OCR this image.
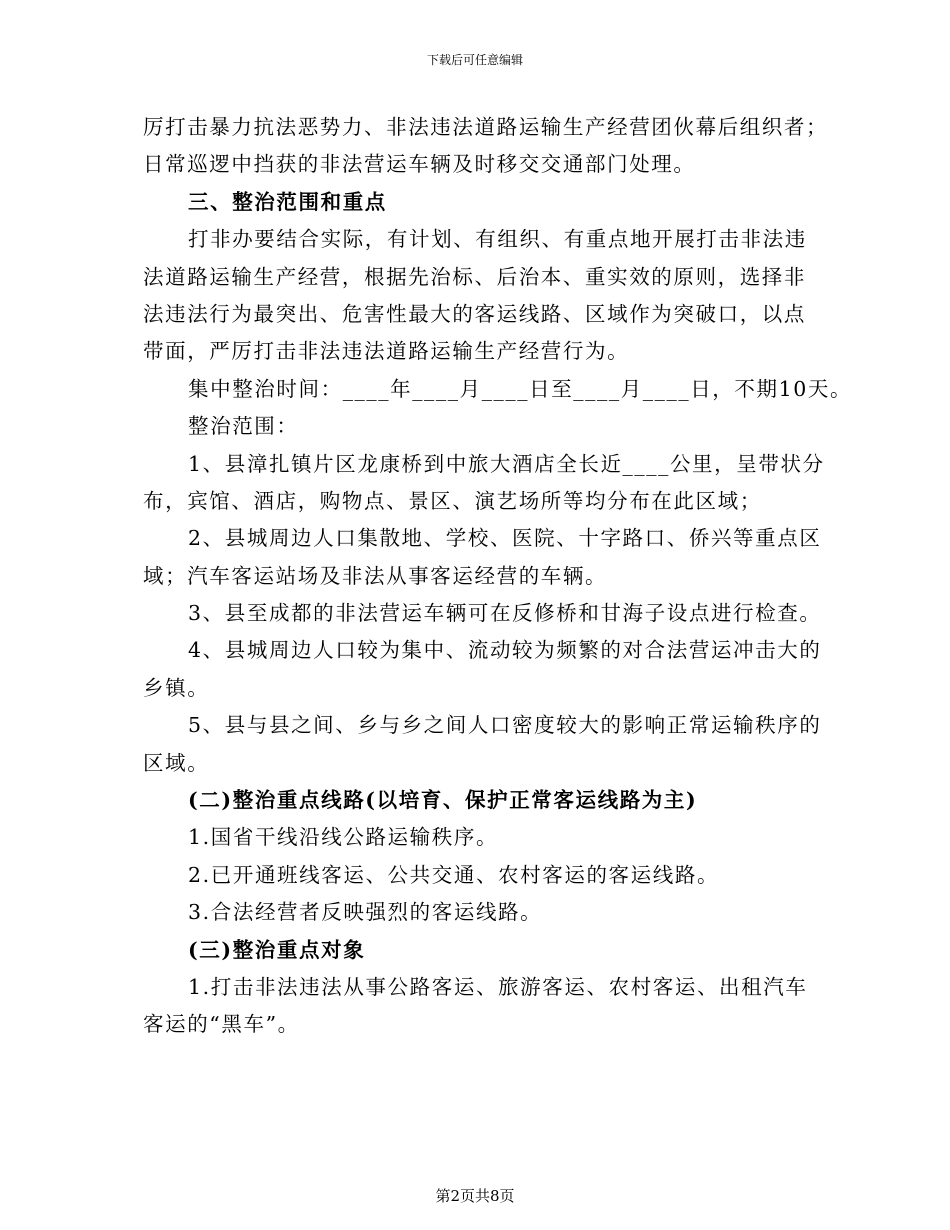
下载后可任意编辑
厉打击暴力抗法恶势力、非法违法道路运输生产经营团伙幕后组织者；
日常巡逻中挡获的非法营运车辆及时移交交通部门处理。
三、整治范围和重点
打非办要结合实际，有计划、有组织、有重点地开展打击非法违
法道路运输生产经营，根据先治标、后治本、重实效的原则，选择非
法违法行为最突出、危害性最大的客运线路、区域作为突破口，以点
带面，严厉打击非法违法道路运输生产经营行为。
集中整治时间：____年____月____日至____月____日，不期10天。
整治范围：
1、县漳扎镇片区龙康桥到中旅大酒店全长近____公里，呈带状分
布，宾馆、酒店，购物点、景区、演艺场所等均分布在此区域；
2、县城周边人口集散地、学校、医院、十字路口、侨兴等重点区
域；汽车客运站场及非法从事客运经营的车辆。
3、县至成都的非法营运车辆可在反修桥和甘海子设点进行检查。
4、县城周边人口较为集中、流动较为频繁的对合法营运冲击大的
乡镇。
5、县与县之间、乡与乡之间人口密度较大的影响正常运输秩序的
区域。
(二)整治重点线路(以培育、保护正常客运线路为主)
1.国省干线沿线公路运输秩序。
2.已开通班线客运、公共交通、农村客运的客运线路。
3.合法经营者反映强烈的客运线路。
(三)整治重点对象
1.打击非法违法从事公路客运、旅游客运、农村客运、出租汽车
客运的“黑车”。
第2页共8页
